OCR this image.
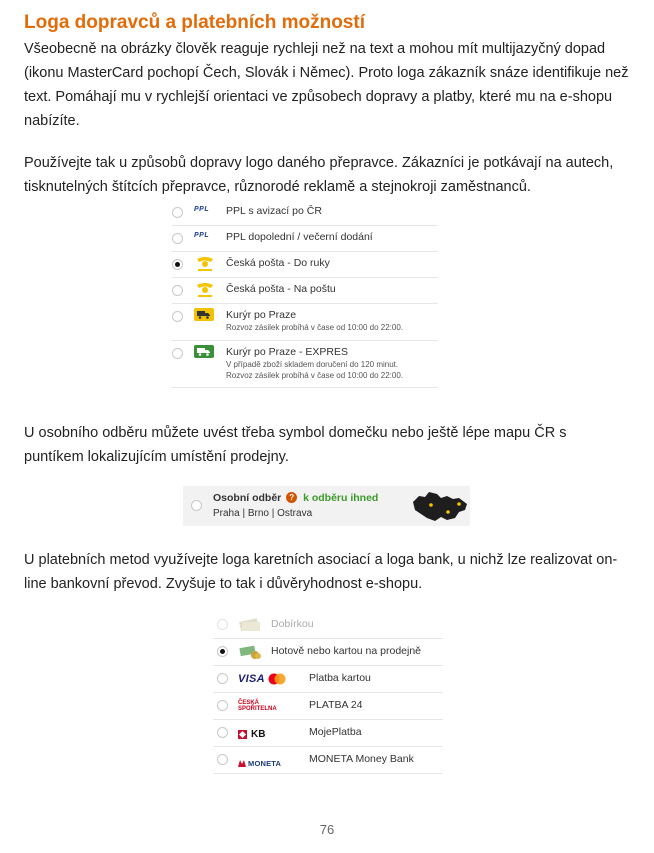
Loga dopravců a platebních možností

Všeobecně na obrázky člověk reaguje rychleji než na text a mohou mít multijazyčný dopad (ikonu MasterCard pochopí Čech, Slovák i Němec). Proto loga zákazník snáze identifikuje než text. Pomáhají mu v rychlejší orientaci ve způsobech dopravy a platby, které mu na e-shopu nabízíte.

Používejte tak u způsobů dopravy logo daného přepravce. Zákazníci je potkávají na autech, tisknutelných štítcích přepravce, různorodé reklamě a stejnokroji zaměstnanců.

PPL	PPL s avizací po ČR
PPL	PPL dopolední / večerní dodání
Česká pošta - Do ruky
Česká pošta - Na poštu
Kurýr po Praze
Rozvoz zásilek probíhá v čase od 10:00 do 22:00.
Kurýr po Praze - EXPRES
V případě zboží skladem doručení do 120 minut.
Rozvoz zásilek probíhá v čase od 10:00 do 22:00.

U osobního odběru můžete uvést třeba symbol domečku nebo ještě lépe mapu ČR s puntíkem lokalizujícím umístění prodejny.

Osobní odběr ? k odběru ihned
Praha | Brno | Ostrava

U platebních metod využívejte loga karetních asociací a loga bank, u nichž lze realizovat on-line bankovní převod. Zvyšuje to tak i důvěryhodnost e-shopu.

Dobírkou
Hotově nebo kartou na prodejně
VISA	Platba kartou
ČESKÁ
SPOŘITELNA	PLATBA 24
KB	MojePlatba
MONETA	MONETA Money Bank
76
